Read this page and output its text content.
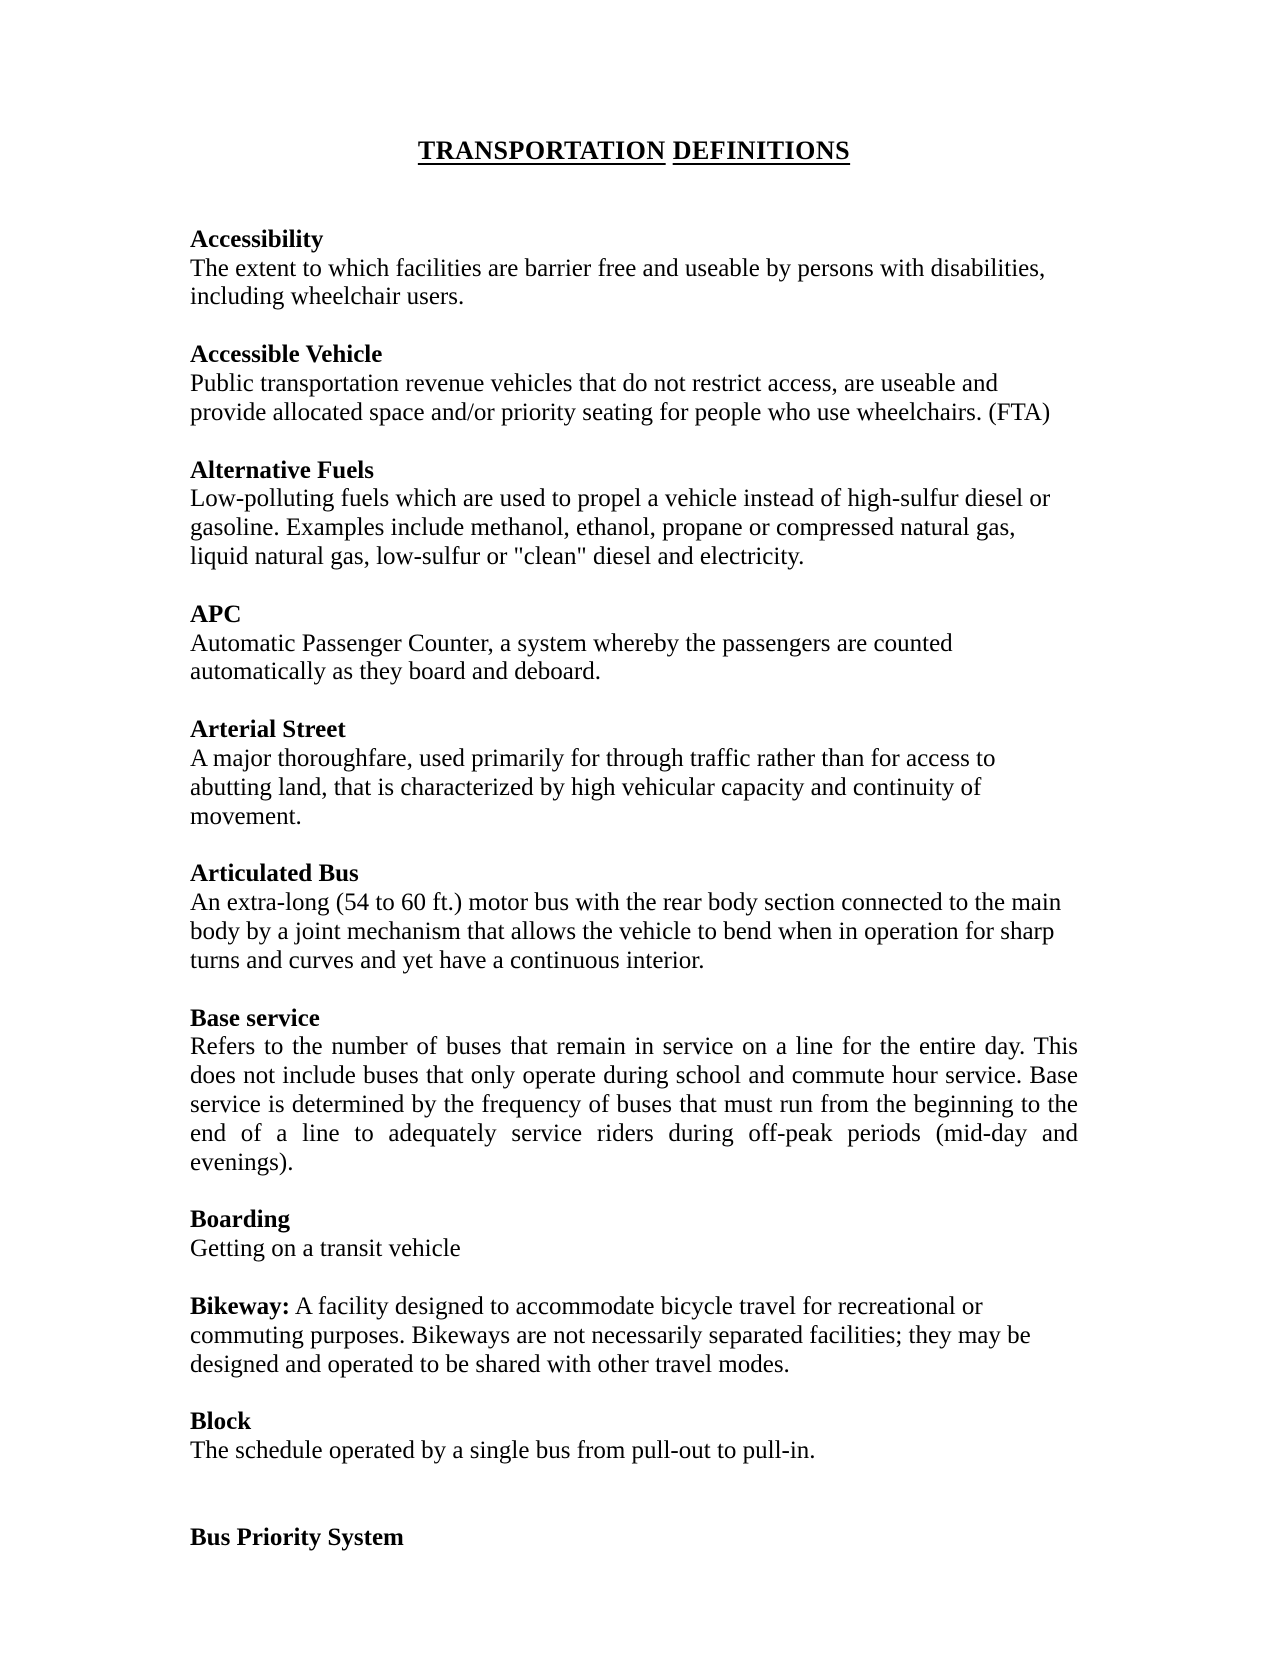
TRANSPORTATION DEFINITIONS

Accessibility

The extent to which facilities are barrier free and useable by persons with disabilities, including wheelchair users.

Accessible Vehicle

Public transportation revenue vehicles that do not restrict access, are useable and provide allocated space and/or priority seating for people who use wheelchairs. (FTA)

Alternative Fuels

Low-polluting fuels which are used to propel a vehicle instead of high-sulfur diesel or gasoline. Examples include methanol, ethanol, propane or compressed natural gas, liquid natural gas, low-sulfur or "clean" diesel and electricity.

APC

Automatic Passenger Counter, a system whereby the passengers are counted automatically as they board and deboard.

Arterial Street

A major thoroughfare, used primarily for through traffic rather than for access to abutting land, that is characterized by high vehicular capacity and continuity of movement.

Articulated Bus

An extra-long (54 to 60 ft.) motor bus with the rear body section connected to the main body by a joint mechanism that allows the vehicle to bend when in operation for sharp turns and curves and yet have a continuous interior.

Base service

Refers to the number of buses that remain in service on a line for the entire day. This does not include buses that only operate during school and commute hour service. Base service is determined by the frequency of buses that must run from the beginning to the end of a line to adequately service riders during off-peak periods (mid-day and evenings).

Boarding

Getting on a transit vehicle

Bikeway: A facility designed to accommodate bicycle travel for recreational or commuting purposes. Bikeways are not necessarily separated facilities; they may be designed and operated to be shared with other travel modes.

Block

The schedule operated by a single bus from pull-out to pull-in.

Bus Priority System
